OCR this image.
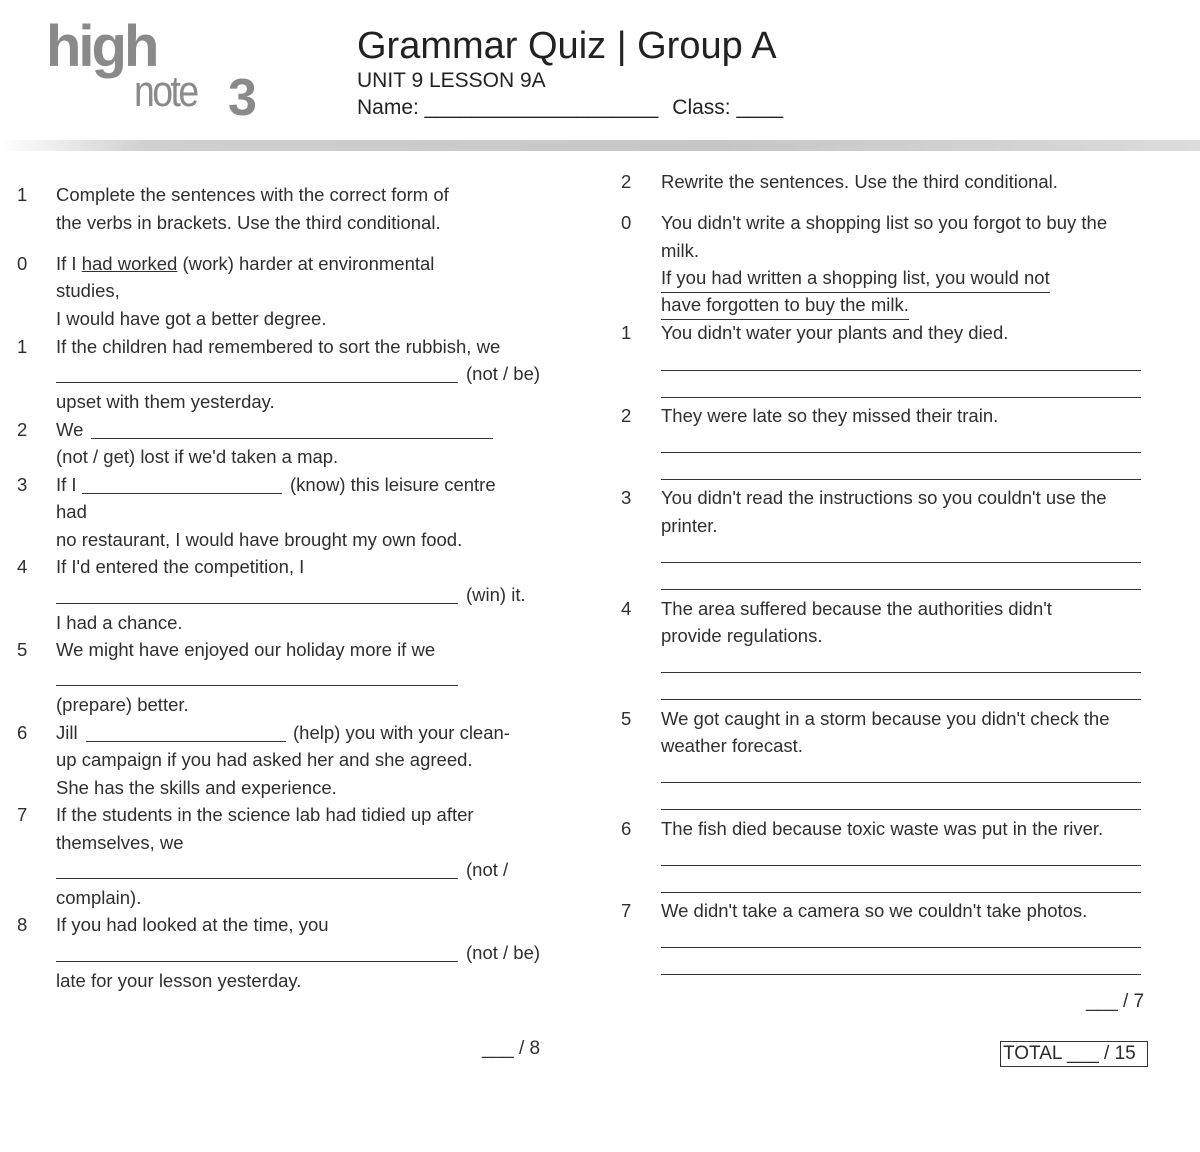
high
note 3
Grammar Quiz | Group A
UNIT 9 LESSON 9A
Name: ____________________ Class: ____
1 Complete the sentences with the correct form of
the verbs in brackets. Use the third conditional.
0 If I had worked (work) harder at environmental
studies,
I would have got a better degree.
1 If the children had remembered to sort the rubbish, we
(not / be)
upset with them yesterday.
2 We
(not / get) lost if we'd taken a map.
3 If I	(know) this leisure centre
had
no restaurant, I would have brought my own food.
4 If I'd entered the competition, I
(win) it.
I had a chance.
5 We might have enjoyed our holiday more if we
(prepare) better.
6 Jill	(help) you with your clean-
up campaign if you had asked her and she agreed.
She has the skills and experience.
7 If the students in the science lab had tidied up after
themselves, we
(not /
complain).
8 If you had looked at the time, you
(not / be)
late for your lesson yesterday.
___ / 8
2 Rewrite the sentences. Use the third conditional.
0 You didn't write a shopping list so you forgot to buy the
milk.
If you had written a shopping list, you would not
have forgotten to buy the milk.
1 You didn't water your plants and they died.
2 They were late so they missed their train.
3 You didn't read the instructions so you couldn't use the
printer.
4 The area suffered because the authorities didn't
provide regulations.
5 We got caught in a storm because you didn't check the
weather forecast.
6 The fish died because toxic waste was put in the river.
7 We didn't take a camera so we couldn't take photos.
___ / 7
TOTAL ___ / 15
